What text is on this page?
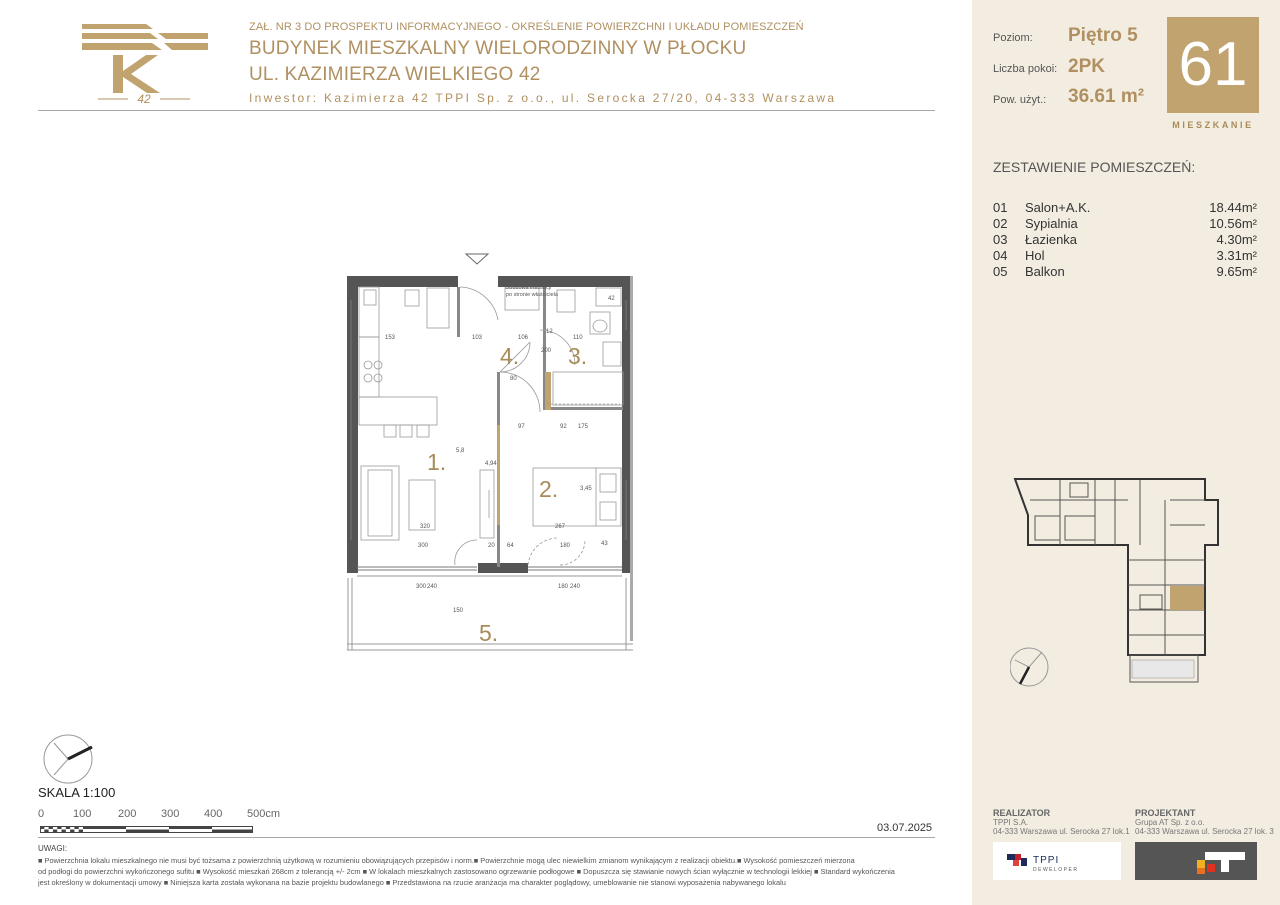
42
ZAŁ. NR 3 DO PROSPEKTU INFORMACYJNEGO - OKREŚLENIE POWIERZCHNI I UKŁADU POMIESZCZEŃ
BUDYNEK MIESZKALNY WIELORODZINNY W PŁOCKU
UL. KAZIMIERZA WIELKIEGO 42
Inwestor: Kazimierza 42 TPPI Sp. z o.o., ul. Serocka 27/20, 04-333 Warszawa
153	103	106
12
110
42
97
200
80
92 175
320	267
300	20 64	180	43
300 240
150
180 240
5,8
4,94
3,45
Obudowa instalacji
po stronie właściciela
1.
2.
3.
4.
5.
SKALA 1:100
0	100 200 300 400 500cm
03.07.2025
UWAGI:
■ Powierzchnia lokalu mieszkalnego nie musi być tożsama z powierzchnią użytkową w rozumieniu obowiązujących przepisów i norm.■ Powierzchnie mogą ulec niewielkim zmianom wynikającym z realizacji obiektu.■ Wysokość pomieszczeń mierzona
od podłogi do powierzchni wykończonego sufitu ■ Wysokość mieszkań 268cm z tolerancją +/- 2cm ■ W lokalach mieszkalnych zastosowano ogrzewanie podłogowe ■ Dopuszcza się stawianie nowych ścian wyłącznie w technologii lekkiej ■ Standard wykończenia
jest określony w dokumentacji umowy ■ Niniejsza karta została wykonana na bazie projektu budowlanego ■ Przedstawiona na rzucie aranżacja ma charakter poglądowy, umeblowanie nie stanowi wyposażenia nabywanego lokalu
Poziom: Piętro 5
Liczba pokoi: 2PK
Pow. użyt.: 36.61 m² 61
MIESZKANIE
ZESTAWIENIE POMIESZCZEŃ:
01 Salon+A.K.	18.44m²
02 Sypialnia	10.56m²
03 Łazienka	4.30m²
04 Hol	3.31m²
05 Balkon	9.65m²
REALIZATOR
TPPI S.A.
04-333 Warszawa ul. Serocka 27 lok.1
PROJEKTANT
Grupa AT Sp. z o.o.
04-333 Warszawa ul. Serocka 27 lok. 3
TPPI
DEWELOPER
